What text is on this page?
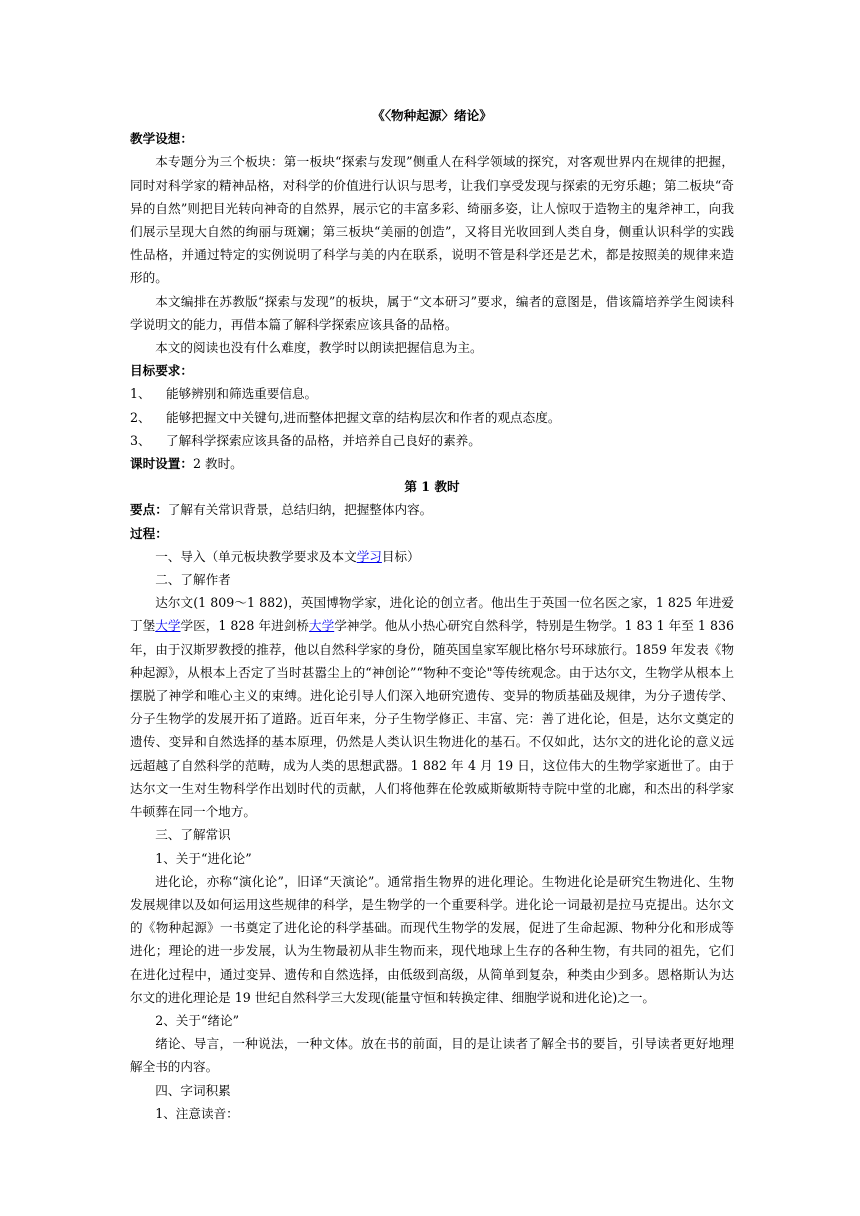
《〈物种起源〉绪论》

教学设想：

本专题分为三个板块：第一板块“探索与发现”侧重人在科学领域的探究，对客观世界内在规律的把握，同时对科学家的精神品格，对科学的价值进行认识与思考，让我们享受发现与探索的无穷乐趣；第二板块“奇异的自然”则把目光转向神奇的自然界，展示它的丰富多彩、绮丽多姿，让人惊叹于造物主的鬼斧神工，向我们展示呈现大自然的绚丽与斑斓；第三板块“美丽的创造”，又将目光收回到人类自身，侧重认识科学的实践性品格，并通过特定的实例说明了科学与美的内在联系，说明不管是科学还是艺术，都是按照美的规律来造形的。

本文编排在苏教版“探索与发现”的板块，属于“文本研习”要求，编者的意图是，借该篇培养学生阅读科学说明文的能力，再借本篇了解科学探索应该具备的品格。

本文的阅读也没有什么难度，教学时以朗读把握信息为主。

目标要求：

1、	能够辨别和筛选重要信息。

2、	能够把握文中关键句,进而整体把握文章的结构层次和作者的观点态度。

3、	了解科学探索应该具备的品格，并培养自己良好的素养。

课时设置：2 教时。

第 1 教时

要点：了解有关常识背景，总结归纳，把握整体内容。

过程：

一、导入（单元板块教学要求及本文学习目标）

二、了解作者

达尔文(1 809～1 882)，英国博物学家，进化论的创立者。他出生于英国一位名医之家，1 825 年进爱丁堡大学学医，1 828 年进剑桥大学学神学。他从小热心研究自然科学，特别是生物学。1 83 1 年至 1 836 年，由于汉斯罗教授的推荐，他以自然科学家的身份，随英国皇家军舰比格尔号环球旅行。1859 年发表《物种起源》，从根本上否定了当时甚嚣尘上的“神创论”“物种不变论"等传统观念。由于达尔文，生物学从根本上摆脱了神学和唯心主义的束缚。进化论引导人们深入地研究遗传、变异的物质基础及规律，为分子遗传学、分子生物学的发展开拓了道路。近百年来，分子生物学修正、丰富、完：善了进化论，但是，达尔文奠定的遗传、变异和自然选择的基本原理，仍然是人类认识生物进化的基石。不仅如此，达尔文的进化论的意义远远超越了自然科学的范畴，成为人类的思想武器。1 882 年 4 月 19 日，这位伟大的生物学家逝世了。由于达尔文一生对生物科学作出划时代的贡献，人们将他葬在伦敦威斯敏斯特寺院中堂的北廊，和杰出的科学家牛顿葬在同一个地方。

三、了解常识

1、关于“进化论”

进化论，亦称“演化论”，旧译“天演论”。通常指生物界的进化理论。生物进化论是研究生物进化、生物发展规律以及如何运用这些规律的科学，是生物学的一个重要科学。进化论一词最初是拉马克提出。达尔文的《物种起源》一书奠定了进化论的科学基础。而现代生物学的发展，促进了生命起源、物种分化和形成等进化；理论的进一步发展，认为生物最初从非生物而来，现代地球上生存的各种生物，有共同的祖先，它们在进化过程中，通过变异、遗传和自然选择，由低级到高级，从简单到复杂，种类由少到多。恩格斯认为达尔文的进化理论是 19 世纪自然科学三大发现(能量守恒和转换定律、细胞学说和进化论)之一。

2、关于“绪论”

绪论、导言，一种说法，一种文体。放在书的前面，目的是让读者了解全书的要旨，引导读者更好地理解全书的内容。

四、字词积累

1、注意读音：
